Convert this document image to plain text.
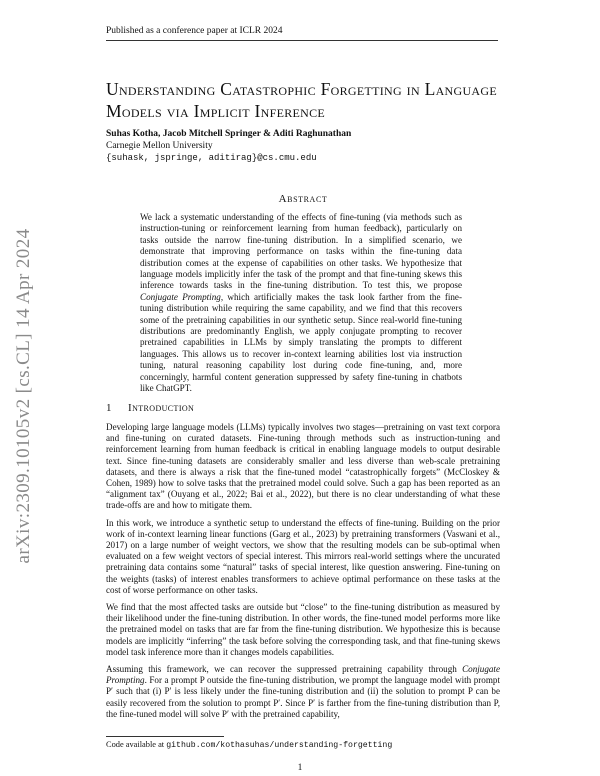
Published as a conference paper at ICLR 2024
arXiv:2309.10105v2 [cs.CL] 14 Apr 2024
Understanding Catastrophic Forgetting in Language Models via Implicit Inference
Suhas Kotha, Jacob Mitchell Springer & Aditi Raghunathan
Carnegie Mellon University
{suhask, jspringe, aditirag}@cs.cmu.edu
Abstract

We lack a systematic understanding of the effects of fine-tuning (via methods such as instruction-tuning or reinforcement learning from human feedback), particularly on tasks outside the narrow fine-tuning distribution. In a simplified scenario, we demonstrate that improving performance on tasks within the fine-tuning data distribution comes at the expense of capabilities on other tasks. We hypothesize that language models implicitly infer the task of the prompt and that fine-tuning skews this inference towards tasks in the fine-tuning distribution. To test this, we propose Conjugate Prompting, which artificially makes the task look farther from the fine-tuning distribution while requiring the same capability, and we find that this recovers some of the pretraining capabilities in our synthetic setup. Since real-world fine-tuning distributions are predominantly English, we apply conjugate prompting to recover pretrained capabilities in LLMs by simply translating the prompts to different languages. This allows us to recover in-context learning abilities lost via instruction tuning, natural reasoning capability lost during code fine-tuning, and, more concerningly, harmful content generation suppressed by safety fine-tuning in chatbots like ChatGPT.

1 Introduction

Developing large language models (LLMs) typically involves two stages—pretraining on vast text corpora and fine-tuning on curated datasets. Fine-tuning through methods such as instruction-tuning and reinforcement learning from human feedback is critical in enabling language models to output desirable text. Since fine-tuning datasets are considerably smaller and less diverse than web-scale pretraining datasets, and there is always a risk that the fine-tuned model “catastrophically forgets” (McCloskey & Cohen, 1989) how to solve tasks that the pretrained model could solve. Such a gap has been reported as an “alignment tax” (Ouyang et al., 2022; Bai et al., 2022), but there is no clear understanding of what these trade-offs are and how to mitigate them.

In this work, we introduce a synthetic setup to understand the effects of fine-tuning. Building on the prior work of in-context learning linear functions (Garg et al., 2023) by pretraining transformers (Vaswani et al., 2017) on a large number of weight vectors, we show that the resulting models can be sub-optimal when evaluated on a few weight vectors of special interest. This mirrors real-world settings where the uncurated pretraining data contains some “natural” tasks of special interest, like question answering. Fine-tuning on the weights (tasks) of interest enables transformers to achieve optimal performance on these tasks at the cost of worse performance on other tasks.

We find that the most affected tasks are outside but “close” to the fine-tuning distribution as measured by their likelihood under the fine-tuning distribution. In other words, the fine-tuned model performs more like the pretrained model on tasks that are far from the fine-tuning distribution. We hypothesize this is because models are implicitly “inferring” the task before solving the corresponding task, and that fine-tuning skews model task inference more than it changes models capabilities.

Assuming this framework, we can recover the suppressed pretraining capability through Conjugate Prompting. For a prompt P outside the fine-tuning distribution, we prompt the language model with prompt P′ such that (i) P′ is less likely under the fine-tuning distribution and (ii) the solution to prompt P can be easily recovered from the solution to prompt P′. Since P′ is farther from the fine-tuning distribution than P, the fine-tuned model will solve P′ with the pretrained capability,

Code available at github.com/kothasuhas/understanding-forgetting
1
